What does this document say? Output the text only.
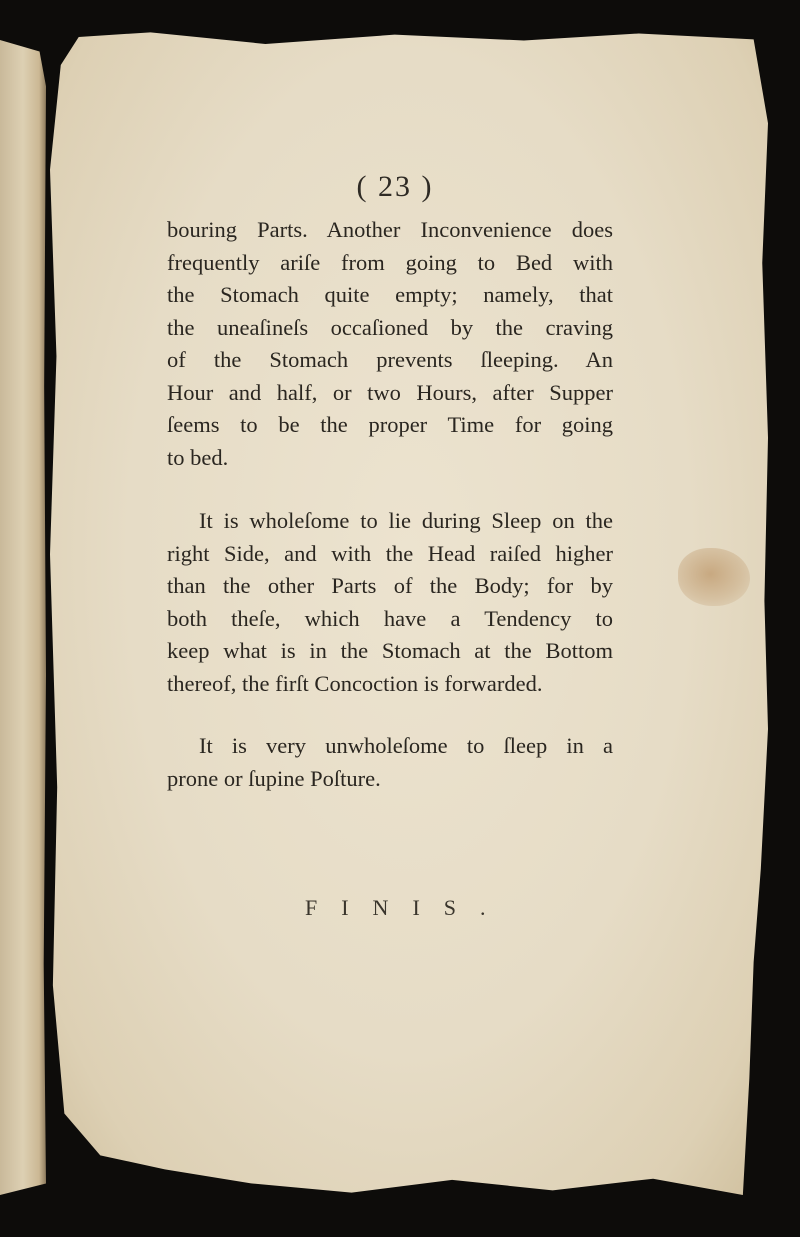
( 23 )

bouring Parts. Another Inconvenience does
frequently ariſe from going to Bed with
the Stomach quite empty; namely, that
the uneaſineſs occaſioned by the craving
of the Stomach prevents ſleeping. An
Hour and half, or two Hours, after Supper
ſeems to be the proper Time for going
to bed.

It is wholeſome to lie during Sleep on the
right Side, and with the Head raiſed higher
than the other Parts of the Body; for by
both theſe, which have a Tendency to
keep what is in the Stomach at the Bottom
thereof, the firſt Concoction is forwarded.

It is very unwholeſome to ſleep in a
prone or ſupine Poſture.

FINIS.
